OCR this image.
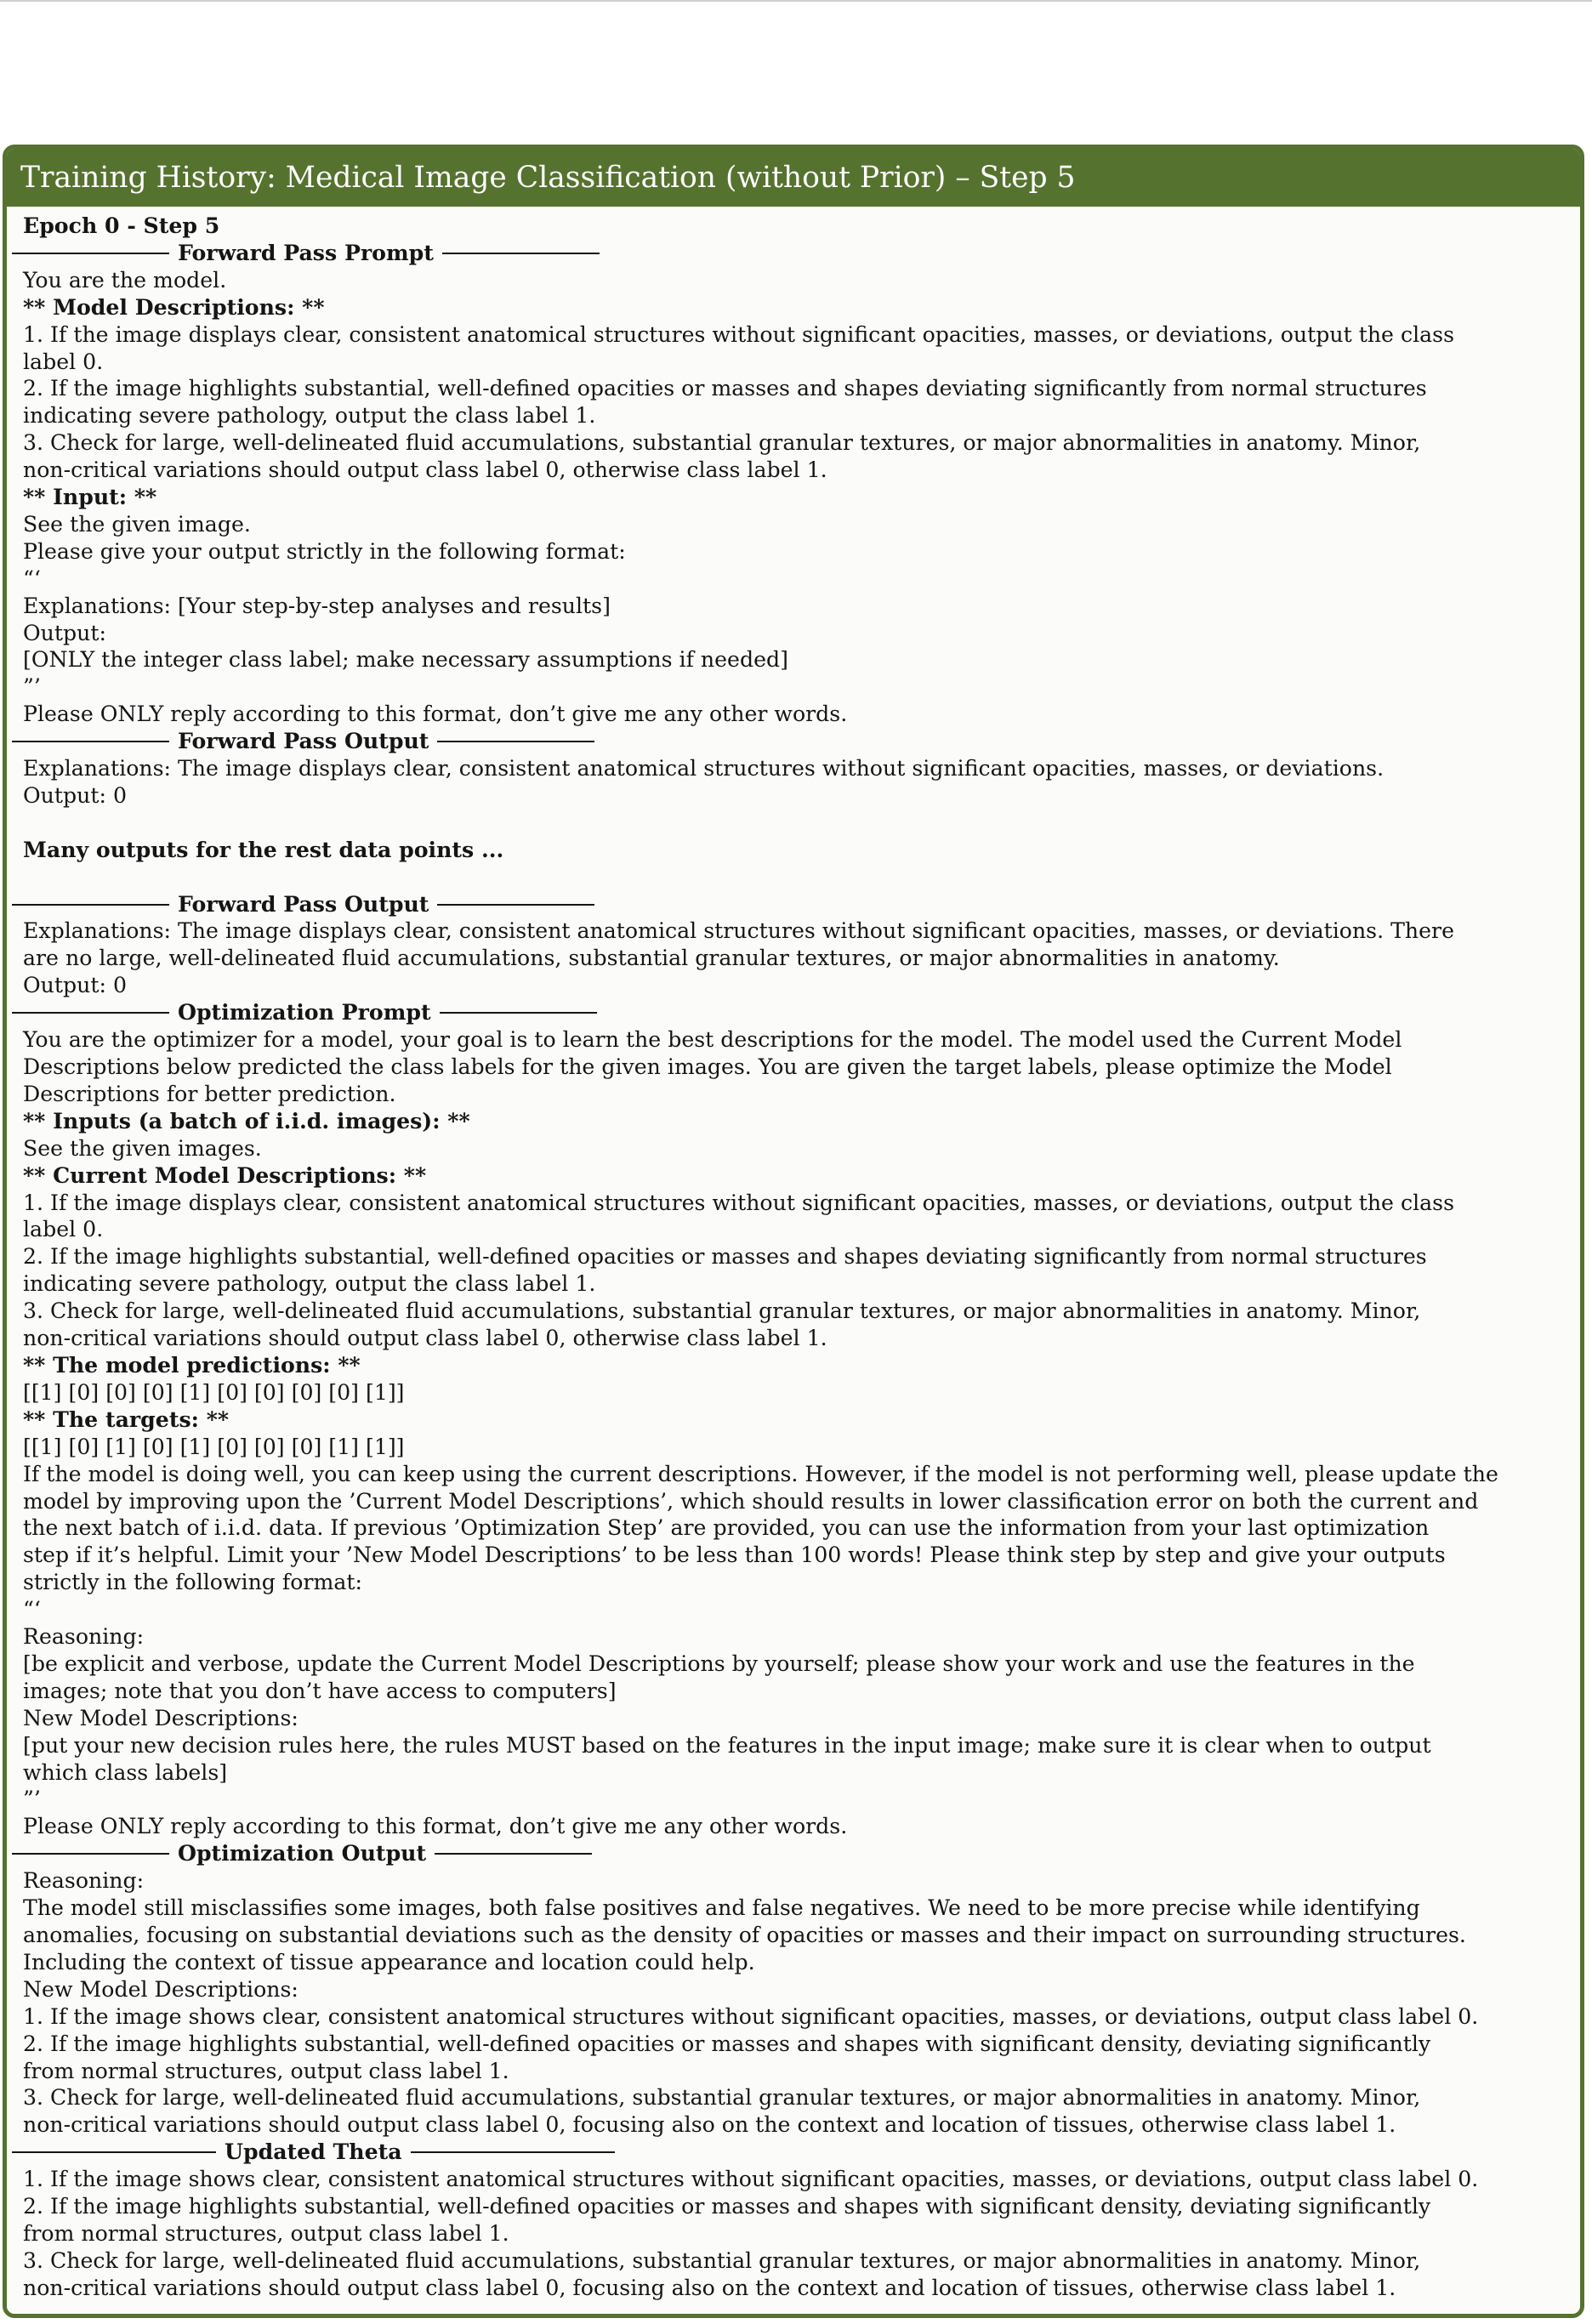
Training History: Medical Image Classification (without Prior) – Step 5
Epoch 0 - Step 5
Forward Pass Prompt
You are the model.
** Model Descriptions: **
1. If the image displays clear, consistent anatomical structures without significant opacities, masses, or deviations, output the class
label 0.
2. If the image highlights substantial, well-defined opacities or masses and shapes deviating significantly from normal structures
indicating severe pathology, output the class label 1.
3. Check for large, well-delineated fluid accumulations, substantial granular textures, or major abnormalities in anatomy. Minor,
non-critical variations should output class label 0, otherwise class label 1.
** Input: **
See the given image.
Please give your output strictly in the following format:
“‘
Explanations: [Your step-by-step analyses and results]
Output:
[ONLY the integer class label; make necessary assumptions if needed]
”’
Please ONLY reply according to this format, don’t give me any other words.
Forward Pass Output
Explanations: The image displays clear, consistent anatomical structures without significant opacities, masses, or deviations.
Output: 0
Many outputs for the rest data points ...
Forward Pass Output
Explanations: The image displays clear, consistent anatomical structures without significant opacities, masses, or deviations. There
are no large, well-delineated fluid accumulations, substantial granular textures, or major abnormalities in anatomy.
Output: 0
Optimization Prompt
You are the optimizer for a model, your goal is to learn the best descriptions for the model. The model used the Current Model
Descriptions below predicted the class labels for the given images. You are given the target labels, please optimize the Model
Descriptions for better prediction.
** Inputs (a batch of i.i.d. images): **
See the given images.
** Current Model Descriptions: **
1. If the image displays clear, consistent anatomical structures without significant opacities, masses, or deviations, output the class
label 0.
2. If the image highlights substantial, well-defined opacities or masses and shapes deviating significantly from normal structures
indicating severe pathology, output the class label 1.
3. Check for large, well-delineated fluid accumulations, substantial granular textures, or major abnormalities in anatomy. Minor,
non-critical variations should output class label 0, otherwise class label 1.
** The model predictions: **
[[1] [0] [0] [0] [1] [0] [0] [0] [0] [1]]
** The targets: **
[[1] [0] [1] [0] [1] [0] [0] [0] [1] [1]]
If the model is doing well, you can keep using the current descriptions. However, if the model is not performing well, please update the
model by improving upon the ’Current Model Descriptions’, which should results in lower classification error on both the current and
the next batch of i.i.d. data. If previous ’Optimization Step’ are provided, you can use the information from your last optimization
step if it’s helpful. Limit your ’New Model Descriptions’ to be less than 100 words! Please think step by step and give your outputs
strictly in the following format:
“‘
Reasoning:
[be explicit and verbose, update the Current Model Descriptions by yourself; please show your work and use the features in the
images; note that you don’t have access to computers]
New Model Descriptions:
[put your new decision rules here, the rules MUST based on the features in the input image; make sure it is clear when to output
which class labels]
”’
Please ONLY reply according to this format, don’t give me any other words.
Optimization Output
Reasoning:
The model still misclassifies some images, both false positives and false negatives. We need to be more precise while identifying
anomalies, focusing on substantial deviations such as the density of opacities or masses and their impact on surrounding structures.
Including the context of tissue appearance and location could help.
New Model Descriptions:
1. If the image shows clear, consistent anatomical structures without significant opacities, masses, or deviations, output class label 0.
2. If the image highlights substantial, well-defined opacities or masses and shapes with significant density, deviating significantly
from normal structures, output class label 1.
3. Check for large, well-delineated fluid accumulations, substantial granular textures, or major abnormalities in anatomy. Minor,
non-critical variations should output class label 0, focusing also on the context and location of tissues, otherwise class label 1.
Updated Theta
1. If the image shows clear, consistent anatomical structures without significant opacities, masses, or deviations, output class label 0.
2. If the image highlights substantial, well-defined opacities or masses and shapes with significant density, deviating significantly
from normal structures, output class label 1.
3. Check for large, well-delineated fluid accumulations, substantial granular textures, or major abnormalities in anatomy. Minor,
non-critical variations should output class label 0, focusing also on the context and location of tissues, otherwise class label 1.
